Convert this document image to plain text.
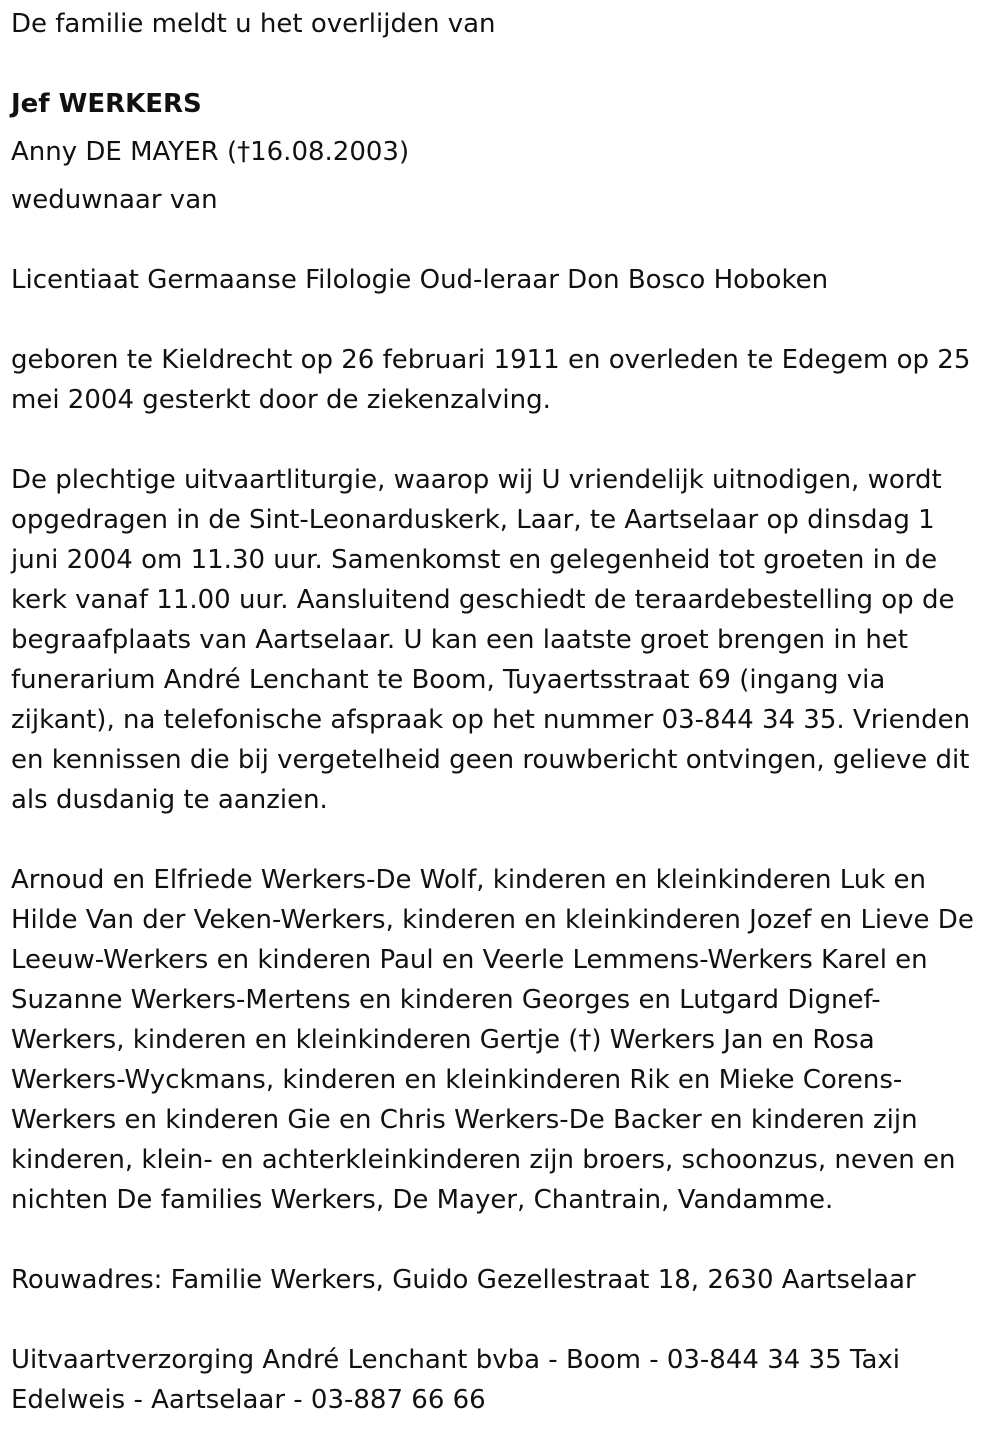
De familie meldt u het overlijden van

Jef WERKERS

Anny DE MAYER (†16.08.2003)

weduwnaar van

Licentiaat Germaanse Filologie Oud-leraar Don Bosco Hoboken

geboren te Kieldrecht op 26 februari 1911 en overleden te Edegem op 25 mei 2004 gesterkt door de ziekenzalving.

De plechtige uitvaartliturgie, waarop wij U vriendelijk uitnodigen, wordt opgedragen in de Sint-Leonarduskerk, Laar, te Aartselaar op dinsdag 1 juni 2004 om 11.30 uur. Samenkomst en gelegenheid tot groeten in de kerk vanaf 11.00 uur. Aansluitend geschiedt de teraardebestelling op de begraafplaats van Aartselaar. U kan een laatste groet brengen in het funerarium André Lenchant te Boom, Tuyaertsstraat 69 (ingang via zijkant), na telefonische afspraak op het nummer 03-844 34 35. Vrienden en kennissen die bij vergetelheid geen rouwbericht ontvingen, gelieve dit als dusdanig te aanzien.

Arnoud en Elfriede Werkers-De Wolf, kinderen en kleinkinderen Luk en Hilde Van der Veken-Werkers, kinderen en kleinkinderen Jozef en Lieve De Leeuw-Werkers en kinderen Paul en Veerle Lemmens-Werkers Karel en Suzanne Werkers-Mertens en kinderen Georges en Lutgard Dignef-Werkers, kinderen en kleinkinderen Gertje (†) Werkers Jan en Rosa Werkers-Wyckmans, kinderen en kleinkinderen Rik en Mieke Corens-Werkers en kinderen Gie en Chris Werkers-De Backer en kinderen zijn kinderen, klein- en achterkleinkinderen zijn broers, schoonzus, neven en nichten De families Werkers, De Mayer, Chantrain, Vandamme.

Rouwadres: Familie Werkers, Guido Gezellestraat 18, 2630 Aartselaar

Uitvaartverzorging André Lenchant bvba - Boom - 03-844 34 35 Taxi Edelweis - Aartselaar - 03-887 66 66
